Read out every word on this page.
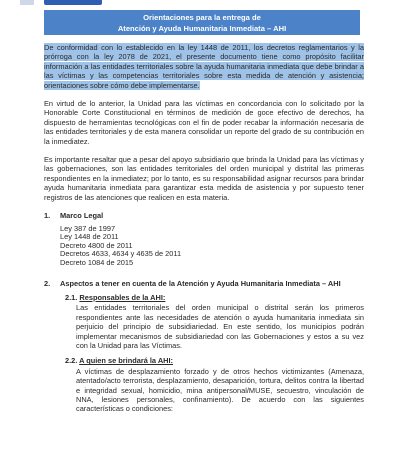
Orientaciones para la entrega de
Atención y Ayuda Humanitaria Inmediata – AHI

De conformidad con lo establecido en la ley 1448 de 2011, los decretos reglamentarios y la prórroga con la ley 2078 de 2021, el presente documento tiene como propósito facilitar información a las entidades territoriales sobre la ayuda humanitaria inmediata que debe brindar a las víctimas y las competencias territoriales sobre esta medida de atención y asistencia; orientaciones sobre cómo debe implementarse.

En virtud de lo anterior, la Unidad para las víctimas en concordancia con lo solicitado por la Honorable Corte Constitucional en términos de medición de goce efectivo de derechos, ha dispuesto de herramientas tecnológicas con el fin de poder recabar la información necesaria de las entidades territoriales y de esta manera consolidar un reporte del grado de su contribución en la inmediatez.

Es importante resaltar que a pesar del apoyo subsidiario que brinda la Unidad para las víctimas y las gobernaciones, son las entidades territoriales del orden municipal y distrital las primeras respondientes en la inmediatez; por lo tanto, es su responsabilidad asignar recursos para brindar ayuda humanitaria inmediata para garantizar esta medida de asistencia y por supuesto tener registros de las atenciones que realicen en esta materia.

1.	Marco Legal
Ley 387 de 1997
Ley 1448 de 2011
Decreto 4800 de 2011
Decretos 4633, 4634 y 4635 de 2011
Decreto 1084 de 2015
2.	Aspectos a tener en cuenta de la Atención y Ayuda Humanitaria Inmediata – AHI
2.1. Responsables de la AHI:
Las entidades territoriales del orden municipal o distrital serán los primeros respondientes ante las necesidades de atención o ayuda humanitaria inmediata sin perjuicio del principio de subsidiariedad. En este sentido, los municipios podrán implementar mecanismos de subsidiariedad con las Gobernaciones y estos a su vez con la Unidad para las Víctimas.
2.2. A quien se brindará la AHI:
A víctimas de desplazamiento forzado y de otros hechos victimizantes (Amenaza, atentado/acto terrorista, desplazamiento, desaparición, tortura, delitos contra la libertad e integridad sexual, homicidio, mina antipersonal/MUSE, secuestro, vinculación de NNA, lesiones personales, confinamiento). De acuerdo con las siguientes características o condiciones:
